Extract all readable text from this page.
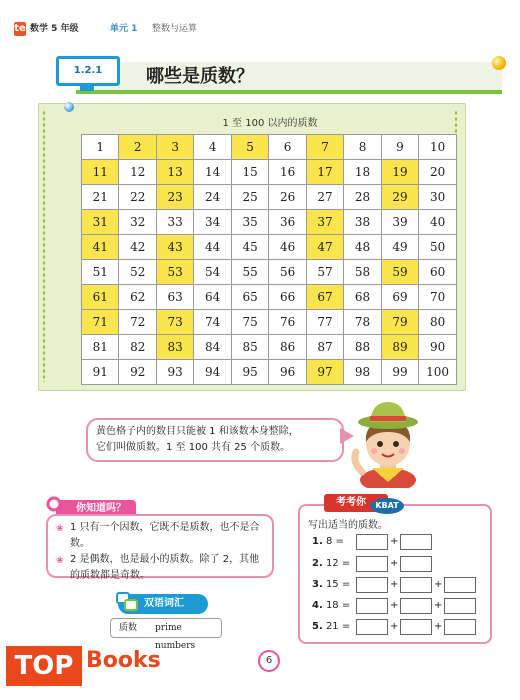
te 数学 5 年级	单元 1 整数与运算
1.2.1	哪些是质数？
1 至 100 以内的质数
1	2	3	4	5	6	7	8	9	10
11	12	13	14	15	16	17	18	19	20
21	22	23	24	25	26	27	28	29	30
31	32	33	34	35	36	37	38	39	40
41	42	43	44	45	46	47	48	49	50
51	52	53	54	55	56	57	58	59	60
61	62	63	64	65	66	67	68	69	70
71	72	73	74	75	76	77	78	79	80
81	82	83	84	85	86	87	88	89	90
91	92	93	94	95	96	97	98	99	100
黄色格子内的数目只能被 1 和该数本身整除，
它们叫做质数。1 至 100 共有 25 个质数。
你知道吗？
❀ 1 只有一个因数，它既不是质数，也不是合数。
❀ 2 是偶数，也是最小的质数。除了 2，其他的质数都是奇数。
双语词汇
质数 prime numbers
考考你	KBAT
写出适当的质数。
1. 8 =	+
2. 12 =	+
3. 15 =	+	+
4. 18 =	+	+
5. 21 =	+	+
TOP Books	6
